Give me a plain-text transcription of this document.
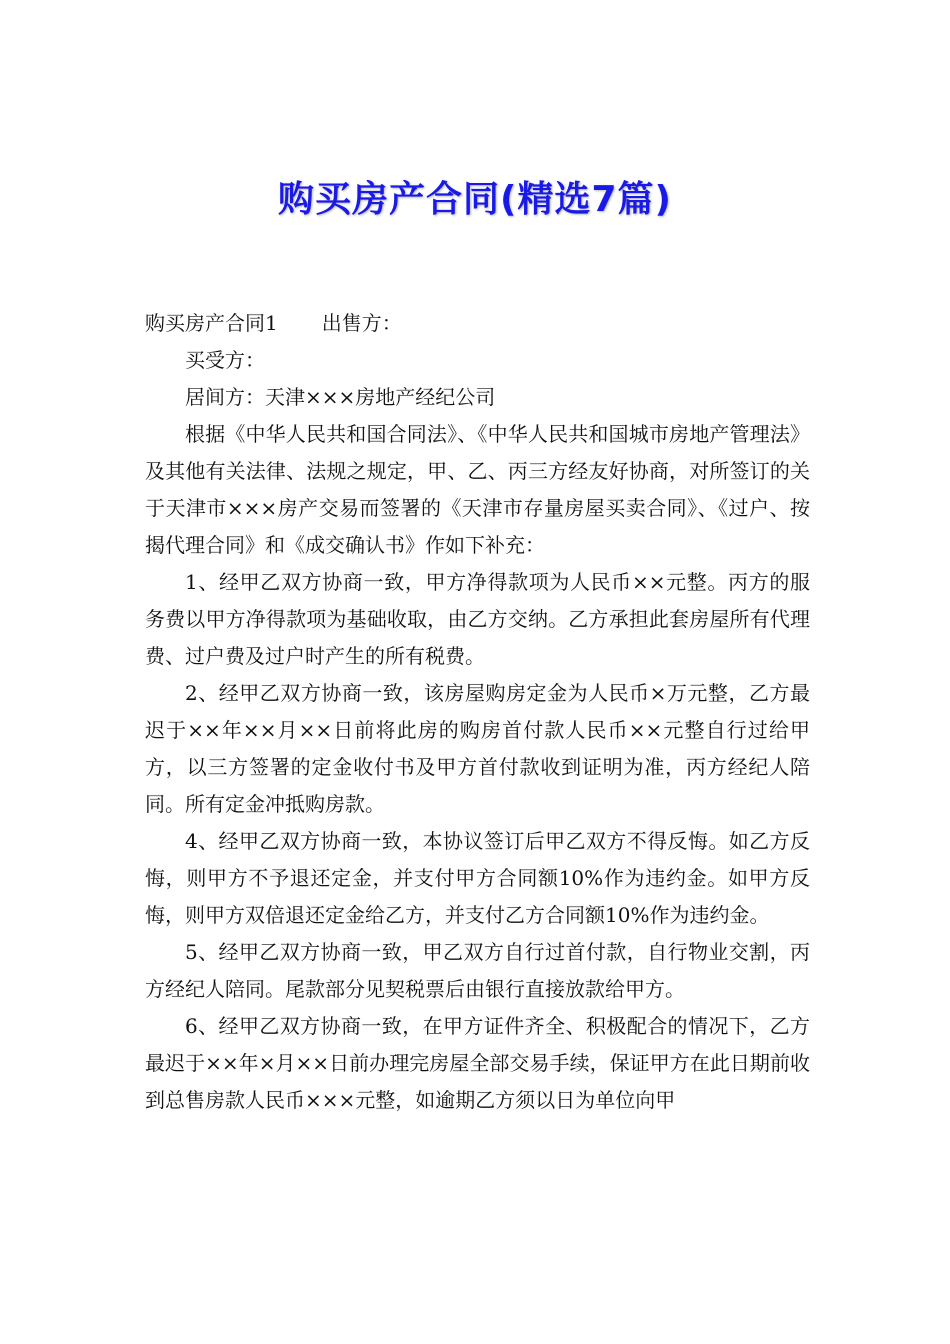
购买房产合同(精选7篇)

购买房产合同1 出售方：

买受方：

居间方：天津×××房地产经纪公司

根据《中华人民共和国合同法》、《中华人民共和国城市房地产管理法》及其他有关法律、法规之规定，甲、乙、丙三方经友好协商，对所签订的关于天津市×××房产交易而签署的《天津市存量房屋买卖合同》、《过户、按揭代理合同》和《成交确认书》作如下补充：

1、经甲乙双方协商一致，甲方净得款项为人民币××元整。丙方的服务费以甲方净得款项为基础收取，由乙方交纳。乙方承担此套房屋所有代理费、过户费及过户时产生的所有税费。

2、经甲乙双方协商一致，该房屋购房定金为人民币×万元整，乙方最迟于××年××月××日前将此房的购房首付款人民币××元整自行过给甲方，以三方签署的定金收付书及甲方首付款收到证明为准，丙方经纪人陪同。所有定金冲抵购房款。

4、经甲乙双方协商一致，本协议签订后甲乙双方不得反悔。如乙方反悔，则甲方不予退还定金，并支付甲方合同额10%作为违约金。如甲方反悔，则甲方双倍退还定金给乙方，并支付乙方合同额10%作为违约金。

5、经甲乙双方协商一致，甲乙双方自行过首付款，自行物业交割，丙方经纪人陪同。尾款部分见契税票后由银行直接放款给甲方。

6、经甲乙双方协商一致，在甲方证件齐全、积极配合的情况下，乙方最迟于××年×月××日前办理完房屋全部交易手续，保证甲方在此日期前收到总售房款人民币×××元整，如逾期乙方须以日为单位向甲
